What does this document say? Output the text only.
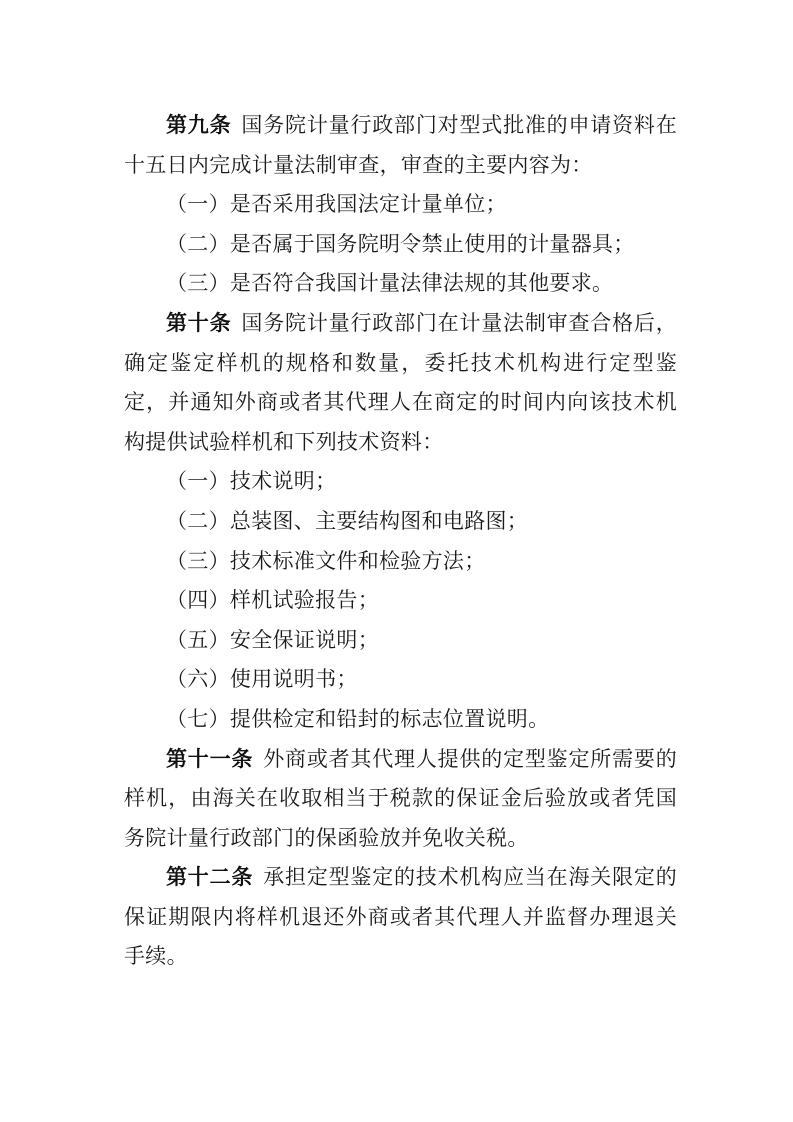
第九条 国务院计量行政部门对型式批准的申请资料在十五日内完成计量法制审查，审查的主要内容为：

（一）是否采用我国法定计量单位；

（二）是否属于国务院明令禁止使用的计量器具；

（三）是否符合我国计量法律法规的其他要求。

第十条 国务院计量行政部门在计量法制审查合格后，确定鉴定样机的规格和数量，委托技术机构进行定型鉴定，并通知外商或者其代理人在商定的时间内向该技术机构提供试验样机和下列技术资料：

（一）技术说明；

（二）总装图、主要结构图和电路图；

（三）技术标准文件和检验方法；

（四）样机试验报告；

（五）安全保证说明；

（六）使用说明书；

（七）提供检定和铅封的标志位置说明。

第十一条 外商或者其代理人提供的定型鉴定所需要的样机，由海关在收取相当于税款的保证金后验放或者凭国务院计量行政部门的保函验放并免收关税。

第十二条 承担定型鉴定的技术机构应当在海关限定的保证期限内将样机退还外商或者其代理人并监督办理退关手续。
